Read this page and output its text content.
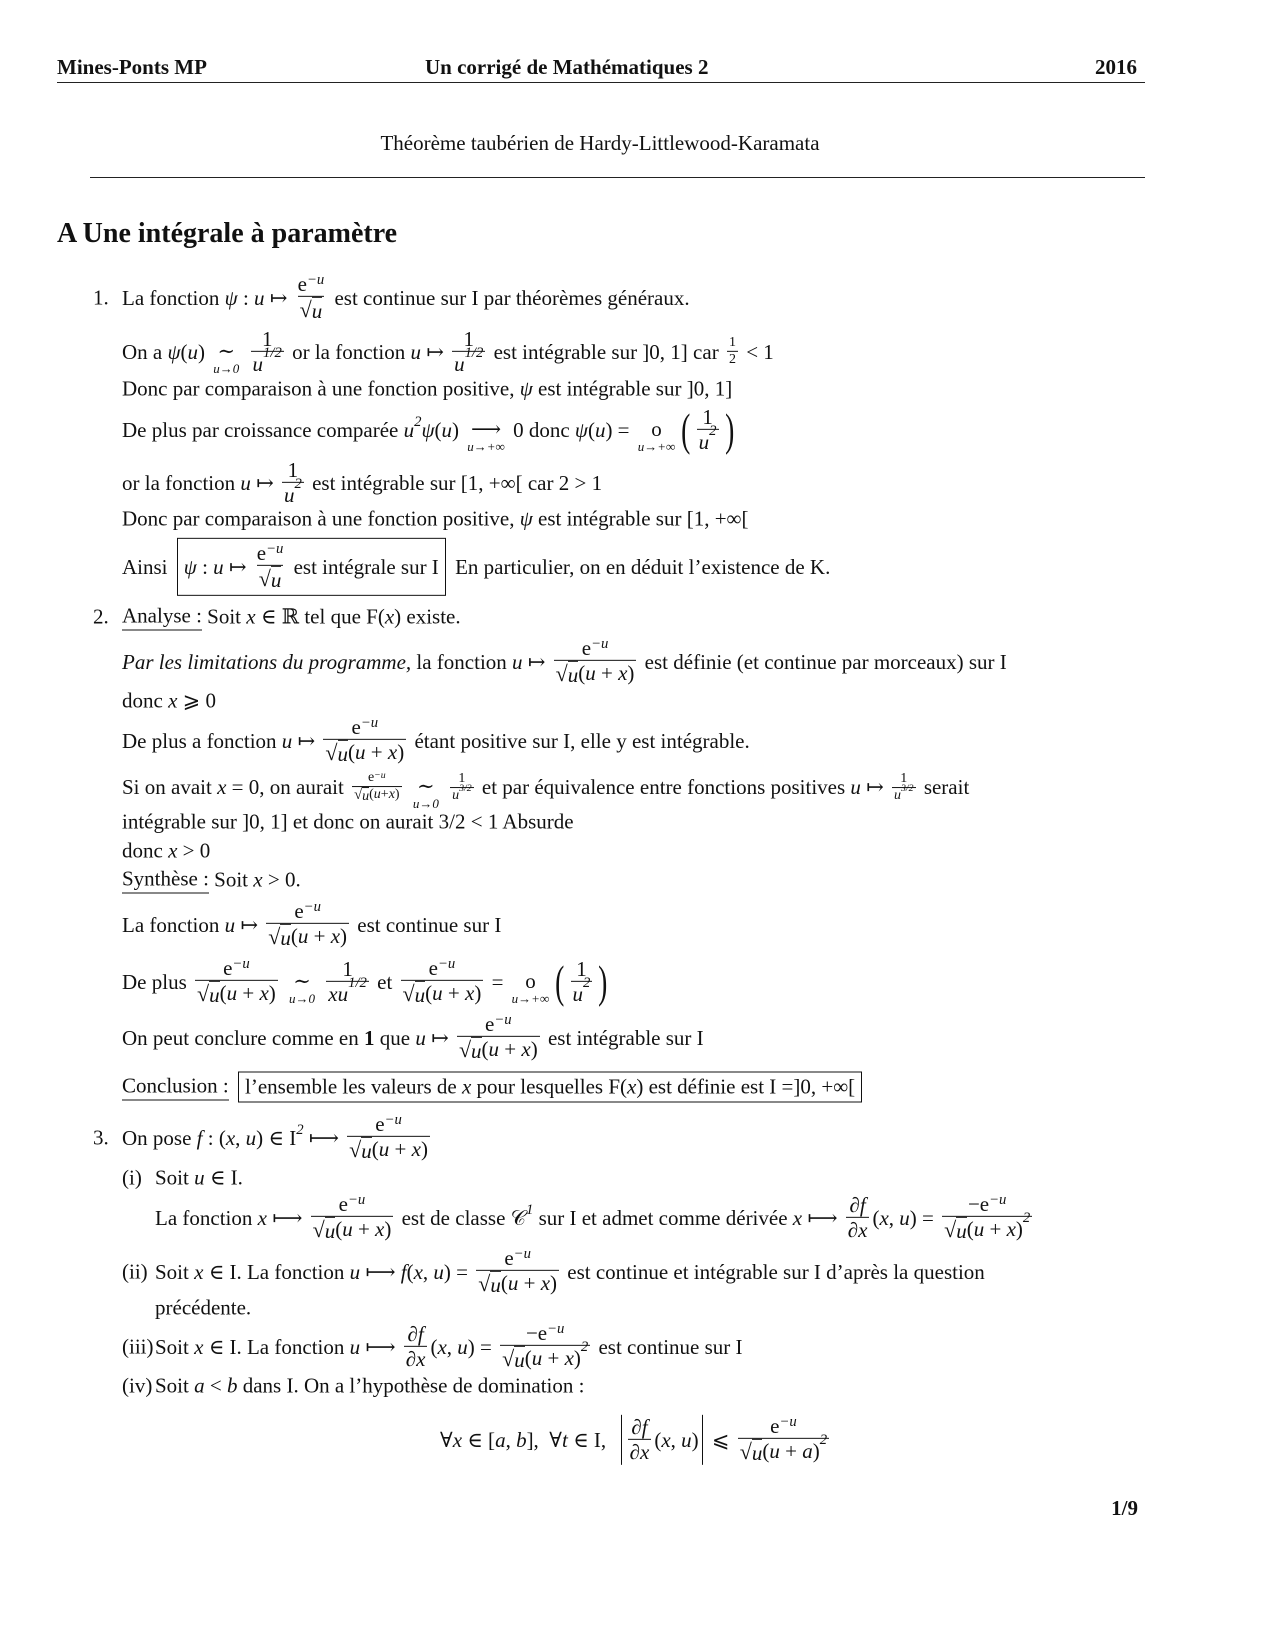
Mines-Ponts MP	Un corrigé de Mathématiques 2	2016
Théorème taubérien de Hardy-Littlewood-Karamata
A Une intégrale à paramètre
1. La fonction ψ : u ↦ $\frac{e -u}{√ u}$ est continue sur I par théorèmes généraux.
On a ψ ( u ) ∼
u→0
$\frac{1}{u 1/2}$ or la fonction u ↦ $\frac{1}{u 1/2}$ est intégrable sur ]0, 1] car $\frac{1}{2} < 1$
Donc par comparaison à une fonction positive, ψ est intégrable sur ]0, 1]
De plus par croissance comparée u 2 ψ ( u ) ⟶
u→+∞
0 donc ψ ( u ) = o
u→+∞ ( $\frac{1}{u 2}$ )
or la fonction u ↦ $\frac{1}{u 2}$ est intégrable sur [1, +∞[ car 2 > 1
Donc par comparaison à une fonction positive, ψ est intégrable sur [1, +∞[
Ainsi ψ : u ↦ $\frac{e -u}{√ u}$ est intégrale sur I En particulier, on en déduit l’existence de K.
2. Analyse : Soit x ∈ ℝ tel que F( x ) existe.
Par les limitations du programme, la fonction u ↦ $\frac{e -u}{√ u ( u + x )}$ est définie (et continue par morceaux) sur I
donc x ⩾ 0
De plus a fonction u ↦ $\frac{e -u}{√ u ( u + x )}$ étant positive sur I, elle y est intégrable.
Si on avait x = 0, on aurait $\frac{e -u}{√ u ( u + x )}$
∼
u→0
$\frac{1}{u 3/2}$ et par équivalence entre fonctions positives u ↦ $\frac{1}{u 3/2}$ serait
intégrable sur ]0, 1] et donc on aurait 3/2 < 1 Absurde
donc x > 0
Synthèse : Soit x > 0.
La fonction u ↦ $\frac{e -u}{√ u ( u + x )}$ est continue sur I
De plus $\frac{e -u}{√ u ( u + x )}$
∼
u→0
$\frac{1}{\text{x u 1/2}}$ et $\frac{e -u}{√ u ( u + x )} = o$
u→+∞ ( $\frac{1}{u 2}$ )
On peut conclure comme en 1 que u ↦ $\frac{e -u}{√ u ( u + x )}$ est intégrable sur I
Conclusion :
l’ensemble les valeurs de x pour lesquelles F( x ) est définie est I =]0, +∞[
3. On pose f : ( x , u ) ∈ I 2 ⟼ $\frac{e -u}{√ u ( u + x )}$
(i) Soit u ∈ I.
La fonction x ⟼ $\frac{e -u}{√ u ( u + x )}$ est de classe 𝒞 1 sur I et admet comme dérivée x ⟼ $\frac{\partial f}{\partial x}$ ( x , u ) = $\frac{-e -u}{√ u ( u + x ) 2}$
(ii) Soit x ∈ I. La fonction u ⟼ f ( x , u ) = $\frac{e -u}{√ u ( u + x )}$ est continue et intégrable sur I d’après la question
précédente.
(iii) Soit x ∈ I. La fonction u ⟼ $\frac{\partial f}{\partial x}$ ( x , u ) = $\frac{-e -u}{√ u ( u + x ) 2}$ est continue sur I
(iv) Soit a < b dans I. On a l’hypothèse de domination :
∀ x ∈ [ a , b ],  ∀ t ∈ I, $\frac{\partial f}{\partial x}$ ( x , u ) ⩽ $\frac{e -u}{√ u ( u + a ) 2}$
1/9
